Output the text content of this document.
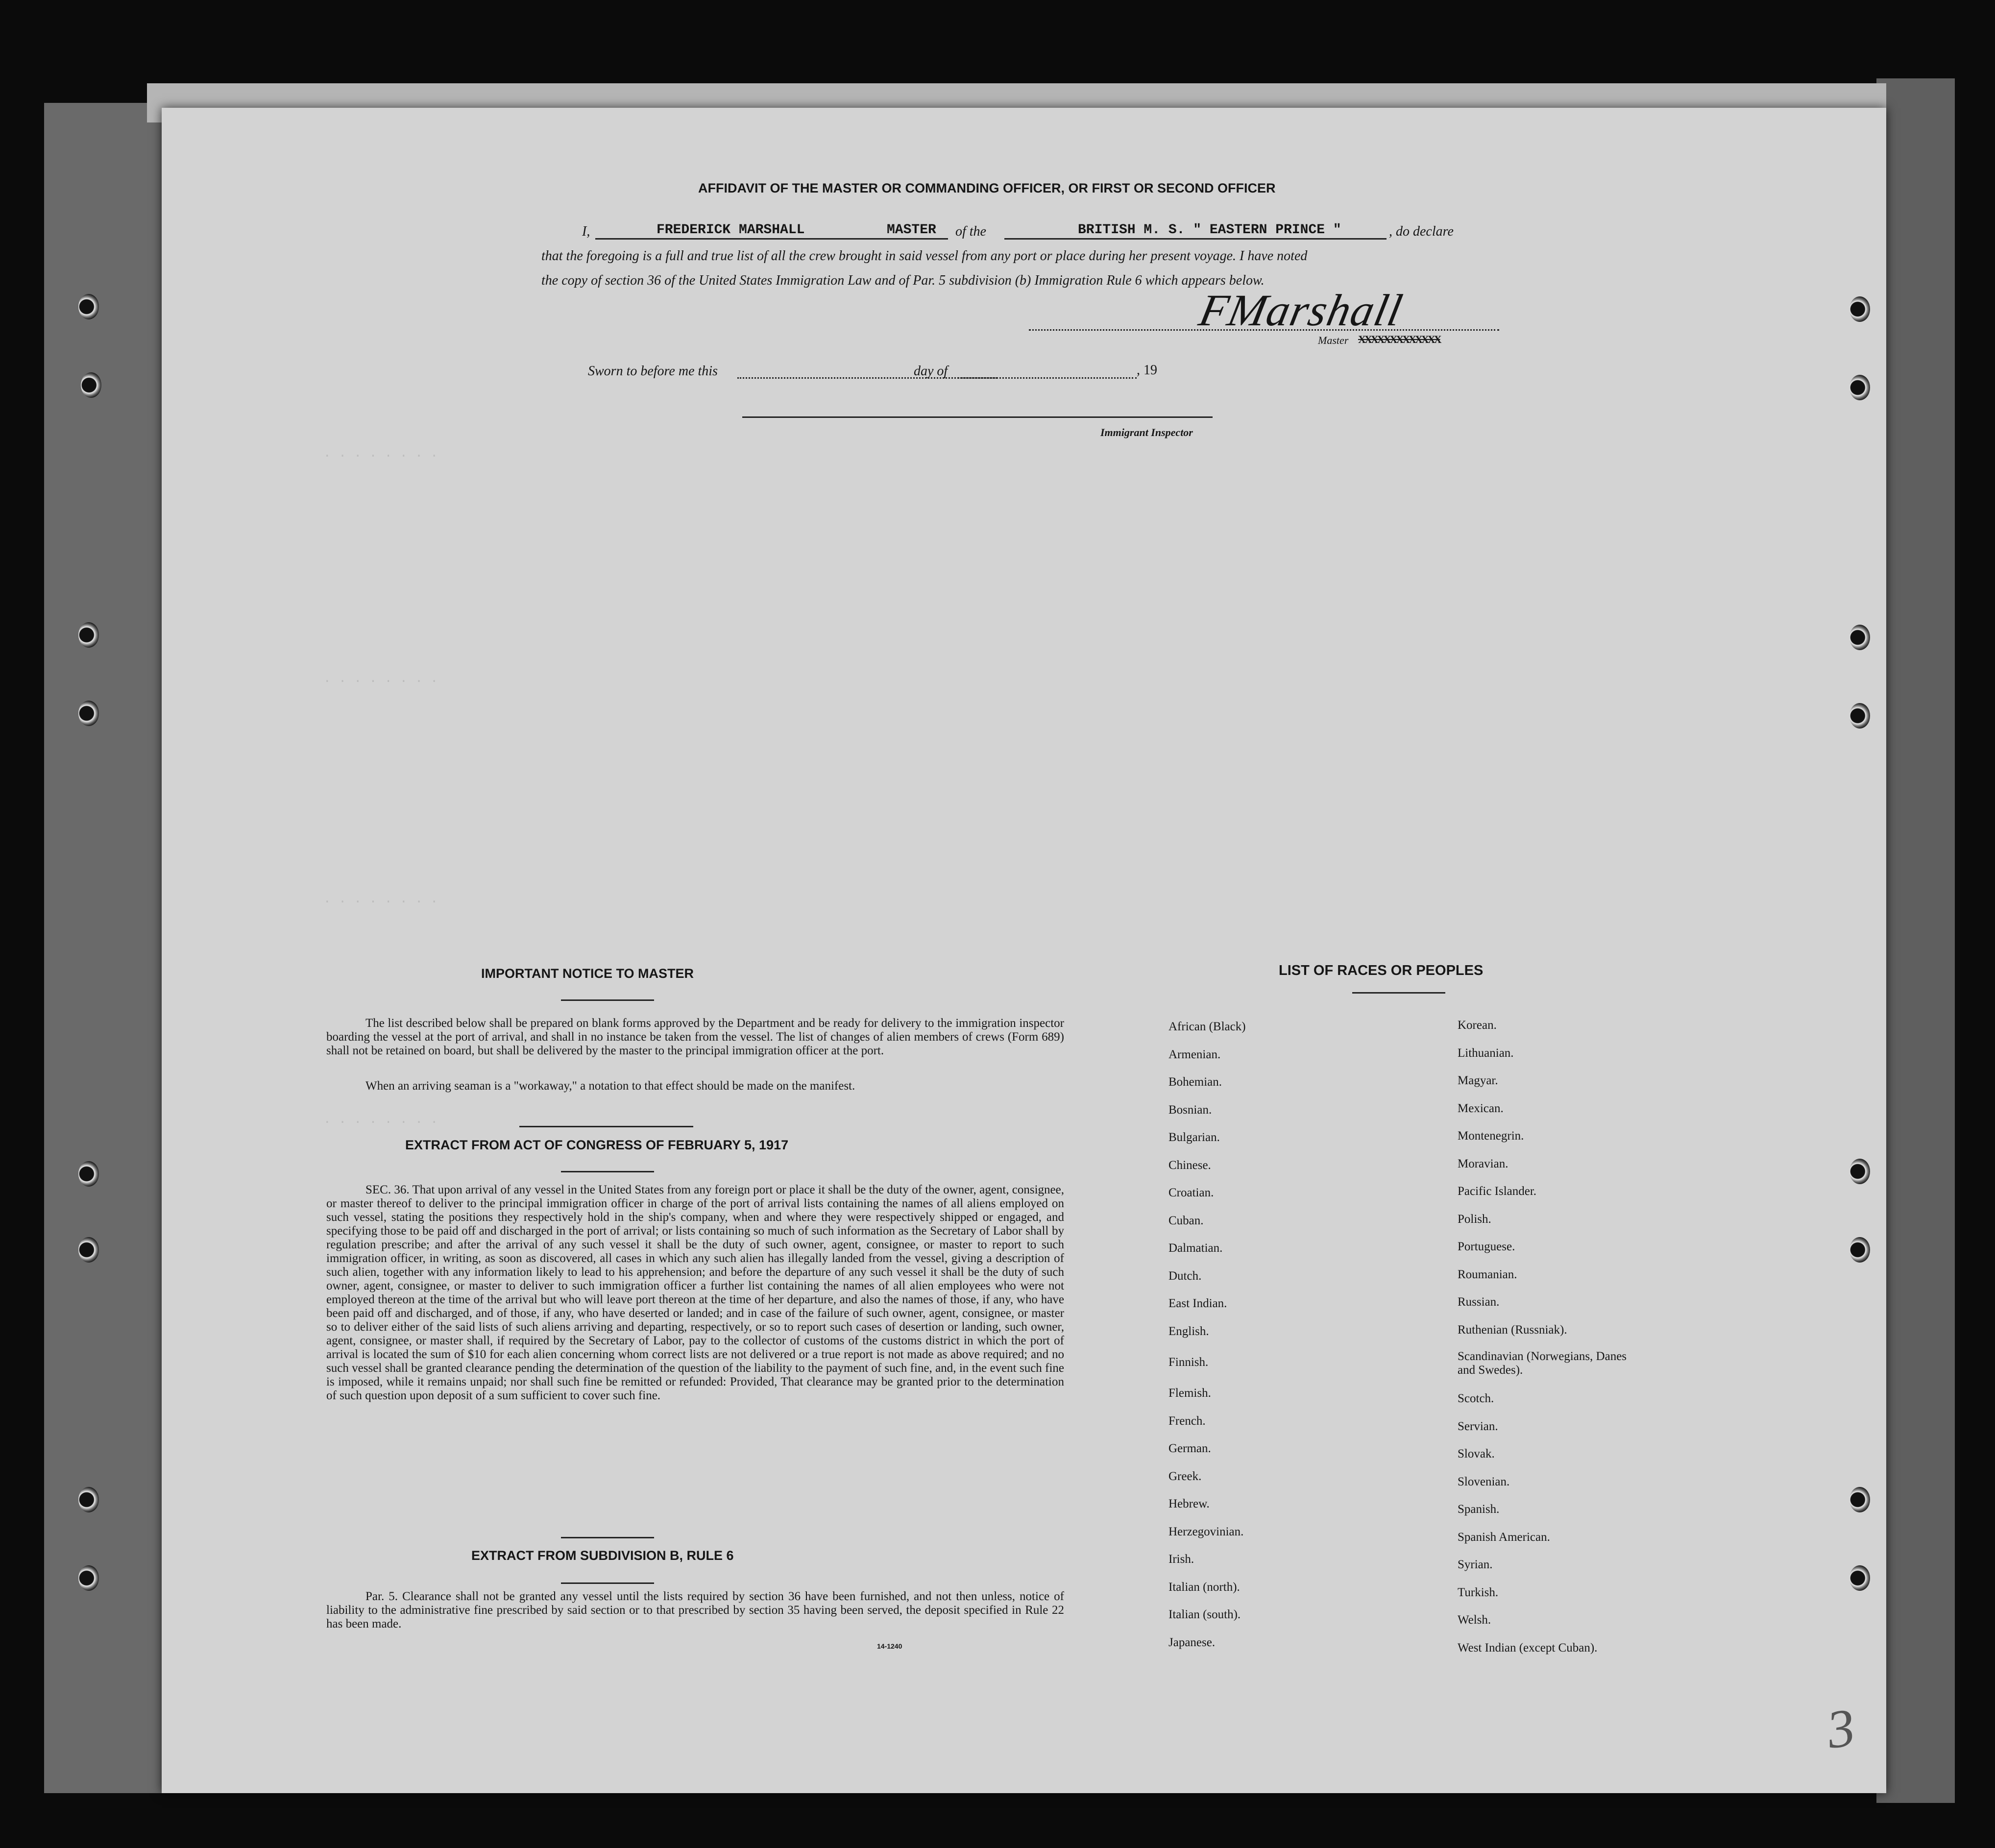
. . . . . . . .
. . . . . . . .
. . . . . . . .
. . . . . . . .
AFFIDAVIT OF THE MASTER OR COMMANDING OFFICER, OR FIRST OR SECOND OFFICER
I,	FREDERICK MARSHALL	MASTER of the	BRITISH M. S. " EASTERN PRINCE "	, do declare
that the foregoing is a full and true list of all the crew brought in said vessel from any port or place during her present voyage. I have noted
the copy of section 36 of the United States Immigration Law and of Par. 5 subdivision (b) Immigration Rule 6 which appears below.
FMarshall
Master XXXXXXXXXXXXX
Sworn to before me this	day of	, 19
Immigrant Inspector
IMPORTANT NOTICE TO MASTER
The list described below shall be prepared on blank forms approved by the Department and be ready for delivery to the immigration inspector boarding the vessel at the port of arrival, and shall in no instance be taken from the vessel. The list of changes of alien members of crews (Form 689) shall not be retained on board, but shall be delivered by the master to the principal immigration officer at the port.
When an arriving seaman is a "workaway," a notation to that effect should be made on the manifest.
EXTRACT FROM ACT OF CONGRESS OF FEBRUARY 5, 1917
SEC. 36. That upon arrival of any vessel in the United States from any foreign port or place it shall be the duty of the owner, agent, consignee, or master thereof to deliver to the principal immigration officer in charge of the port of arrival lists containing the names of all aliens employed on such vessel, stating the positions they respectively hold in the ship's company, when and where they were respectively shipped or engaged, and specifying those to be paid off and discharged in the port of arrival; or lists containing so much of such information as the Secretary of Labor shall by regulation prescribe; and after the arrival of any such vessel it shall be the duty of such owner, agent, consignee, or master to report to such immigration officer, in writing, as soon as discovered, all cases in which any such alien has illegally landed from the vessel, giving a description of such alien, together with any information likely to lead to his apprehension; and before the departure of any such vessel it shall be the duty of such owner, agent, consignee, or master to deliver to such immigration officer a further list containing the names of all alien employees who were not employed thereon at the time of the arrival but who will leave port thereon at the time of her departure, and also the names of those, if any, who have been paid off and discharged, and of those, if any, who have deserted or landed; and in case of the failure of such owner, agent, consignee, or master so to deliver either of the said lists of such aliens arriving and departing, respectively, or so to report such cases of desertion or landing, such owner, agent, consignee, or master shall, if required by the Secretary of Labor, pay to the collector of customs of the customs district in which the port of arrival is located the sum of $10 for each alien concerning whom correct lists are not delivered or a true report is not made as above required; and no such vessel shall be granted clearance pending the determination of the question of the liability to the payment of such fine, and, in the event such fine is imposed, while it remains unpaid; nor shall such fine be remitted or refunded: Provided, That clearance may be granted prior to the determination of such question upon deposit of a sum sufficient to cover such fine.
EXTRACT FROM SUBDIVISION B, RULE 6
Par. 5. Clearance shall not be granted any vessel until the lists required by section 36 have been furnished, and not then unless, notice of liability to the administrative fine prescribed by said section or to that prescribed by section 35 having been served, the deposit specified in Rule 22 has been made.
14-1240
LIST OF RACES OR PEOPLES
African (Black)
Armenian.
Bohemian.
Bosnian.
Bulgarian.
Chinese.
Croatian.
Cuban.
Dalmatian.
Dutch.
East Indian.
English.
Finnish.
Flemish.
French.
German.
Greek.
Hebrew.
Herzegovinian.
Irish.
Italian (north).
Italian (south).
Japanese.
Korean.
Lithuanian.
Magyar.
Mexican.
Montenegrin.
Moravian.
Pacific Islander.
Polish.
Portuguese.
Roumanian.
Russian.
Ruthenian (Russniak).
Scandinavian (Norwegians, Danes and Swedes).
Scotch.
Servian.
Slovak.
Slovenian.
Spanish.
Spanish American.
Syrian.
Turkish.
Welsh.
West Indian (except Cuban).
3
